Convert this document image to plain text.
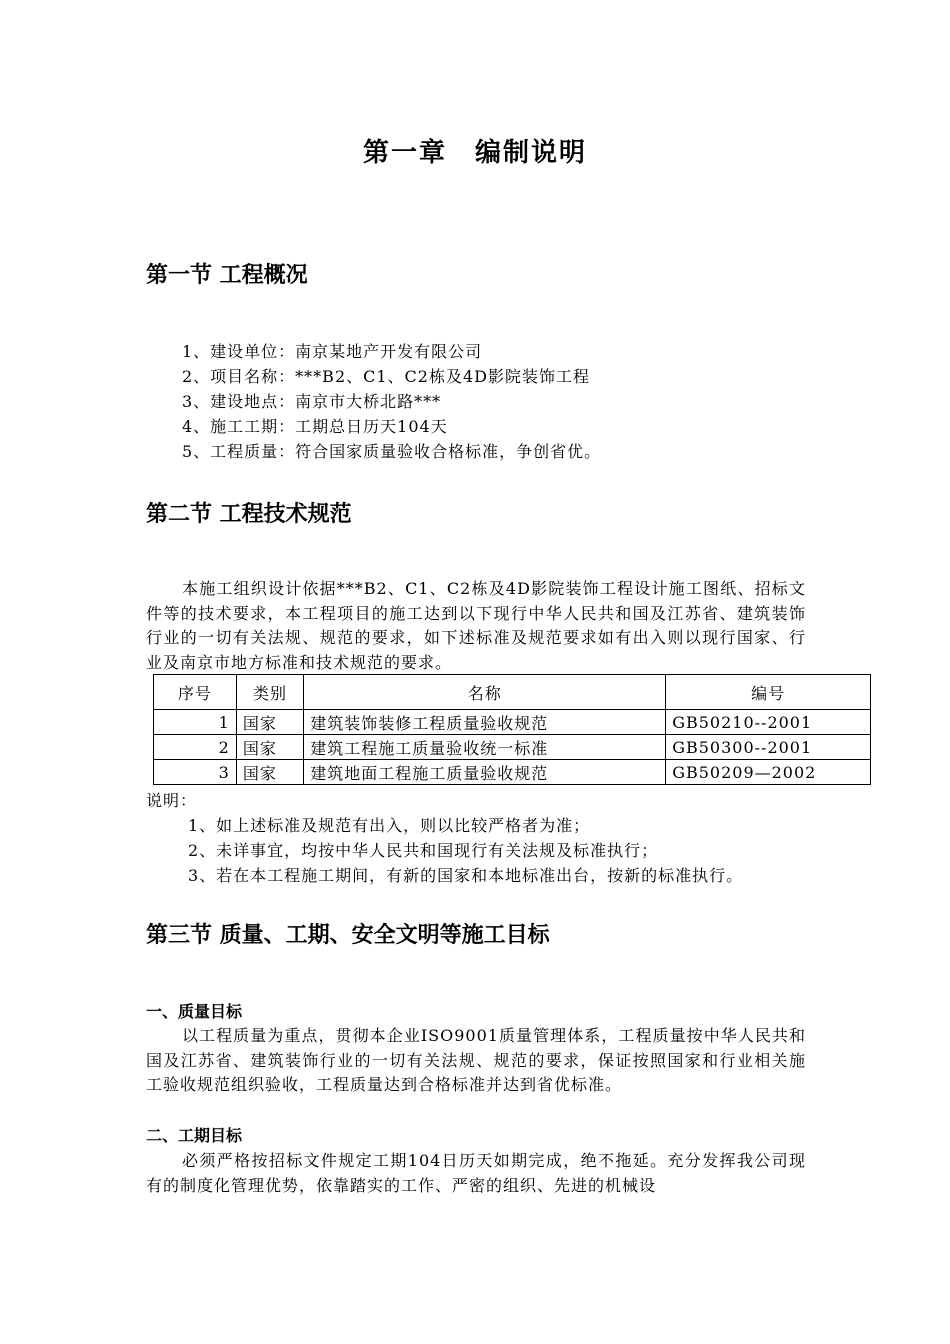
第一章　编制说明
第一节 工程概况
1、建设单位：南京某地产开发有限公司
2、项目名称：***B2、C1、C2栋及4D影院装饰工程
3、建设地点：南京市大桥北路***
4、施工工期：工期总日历天104天
5、工程质量：符合国家质量验收合格标准，争创省优。
第二节 工程技术规范
本施工组织设计依据***B2、C1、C2栋及4D影院装饰工程设计施工图纸、招标文件等的技术要求，本工程项目的施工达到以下现行中华人民共和国及江苏省、建筑装饰行业的一切有关法规、规范的要求，如下述标准及规范要求如有出入则以现行国家、行业及南京市地方标准和技术规范的要求。
序号	类别	名称	编号
1	国家	建筑装饰装修工程质量验收规范	GB50210--2001
2	国家	建筑工程施工质量验收统一标准	GB50300--2001
3	国家	建筑地面工程施工质量验收规范	GB50209—2002
说明：
1、如上述标准及规范有出入，则以比较严格者为准；
2、未详事宜，均按中华人民共和国现行有关法规及标准执行；
3、若在本工程施工期间，有新的国家和本地标准出台，按新的标准执行。
第三节 质量、工期、安全文明等施工目标
一、质量目标
以工程质量为重点，贯彻本企业ISO9001质量管理体系，工程质量按中华人民共和国及江苏省、建筑装饰行业的一切有关法规、规范的要求，保证按照国家和行业相关施工验收规范组织验收，工程质量达到合格标准并达到省优标准。
二、工期目标
必须严格按招标文件规定工期104日历天如期完成，绝不拖延。充分发挥我公司现有的制度化管理优势，依靠踏实的工作、严密的组织、先进的机械设
